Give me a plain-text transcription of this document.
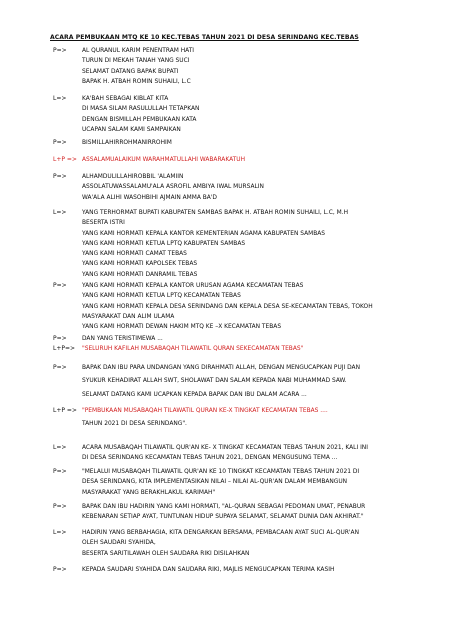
ACARA PEMBUKAAN MTQ KE 10 KEC.TEBAS TAHUN 2021 DI DESA SERINDANG KEC.TEBAS
P=>	AL QURANUL KARIM PENENTRAM HATI
TURUN DI MEKAH TANAH YANG SUCI
SELAMAT DATANG BAPAK BUPATI
BAPAK H. ATBAH ROMIN SUHAILI, L.C
L=>	KA'BAH SEBAGAI KIBLAT KITA
DI MASA SILAM RASULULLAH TETAPKAN
DENGAN BISMILLAH PEMBUKAAN KATA
UCAPAN SALAM KAMI SAMPAIKAN
P=>	BISMILLAHIRROHMANIRROHIM
L+P => ASSALAMUALAIKUM WARAHMATULLAHI WABARAKATUH
P=>	ALHAMDULILLAHIROBBIL 'ALAMIIN
ASSOLATUWASSALAMU'ALA ASROFIL AMBIYA IWAL MURSALIN
WA'ALA ALIHI WASOHBIHI AJMAIN AMMA BA'D
L=>	YANG TERHORMAT BUPATI KABUPATEN SAMBAS BAPAK H. ATBAH ROMIN SUHAILI, L.C, M.H
BESERTA ISTRI
YANG KAMI HORMATI KEPALA KANTOR KEMENTERIAN AGAMA KABUPATEN SAMBAS
YANG KAMI HORMATI KETUA LPTQ KABUPATEN SAMBAS
YANG KAMI HORMATI CAMAT TEBAS
YANG KAMI HORMATI KAPOLSEK TEBAS
YANG KAMI HORMATI DANRAMIL TEBAS
P=>	YANG KAMI HORMATI KEPALA KANTOR URUSAN AGAMA KECAMATAN TEBAS
YANG KAMI HORMATI KETUA LPTQ KECAMATAN TEBAS
YANG KAMI HORMATI KEPALA DESA SERINDANG DAN KEPALA DESA SE-KECAMATAN TEBAS, TOKOH
MASYARAKAT DAN ALIM ULAMA
YANG KAMI HORMATI DEWAN HAKIM MTQ KE –X KECAMATAN TEBAS
P=>	DAN YANG TERISTIMEWA ...
L+P=> "SELURUH KAFILAH MUSABAQAH TILAWATIL QURAN SEKECAMATAN TEBAS"
P=>	BAPAK DAN IBU PARA UNDANGAN YANG DIRAHMATI ALLAH, DENGAN MENGUCAPKAN PUJI DAN
SYUKUR KEHADIRAT ALLAH SWT, SHOLAWAT DAN SALAM KEPADA NABI MUHAMMAD SAW.
SELAMAT DATANG KAMI UCAPKAN KEPADA BAPAK DAN IBU DALAM ACARA ...
L+P => "PEMBUKAAN MUSABAQAH TILAWATIL QURAN KE-X TINGKAT KECAMATAN TEBAS ....
TAHUN 2021 DI DESA SERINDANG".
L=>	ACARA MUSABAQAH TILAWATIL QUR'AN KE- X TINGKAT KECAMATAN TEBAS TAHUN 2021, KALI INI
DI DESA SERINDANG KECAMATAN TEBAS TAHUN 2021, DENGAN MENGUSUNG TEMA ...
P=>	"MELALUI MUSABAQAH TILAWATIL QUR'AN KE 10 TINGKAT KECAMATAN TEBAS TAHUN 2021 DI
DESA SERINDANG, KITA IMPLEMENTASIKAN NILAI – NILAI AL-QUR'AN DALAM MEMBANGUN
MASYARAKAT YANG BERAKHLAKUL KARIMAH"
P=>	BAPAK DAN IBU HADIRIN YANG KAMI HORMATI, "AL-QURAN SEBAGAI PEDOMAN UMAT, PENABUR
KEBENARAN SETIAP AYAT, TUNTUNAN HIDUP SUPAYA SELAMAT, SELAMAT DUNIA DAN AKHIRAT."
L=>	HADIRIN YANG BERBAHAGIA, KITA DENGARKAN BERSAMA, PEMBACAAN AYAT SUCI AL-QUR'AN
OLEH SAUDARI SYAHIDA,
BESERTA SARITILAWAH OLEH SAUDARA RIKI DISILAHKAN
P=>	KEPADA SAUDARI SYAHIDA DAN SAUDARA RIKI, MAJLIS MENGUCAPKAN TERIMA KASIH
